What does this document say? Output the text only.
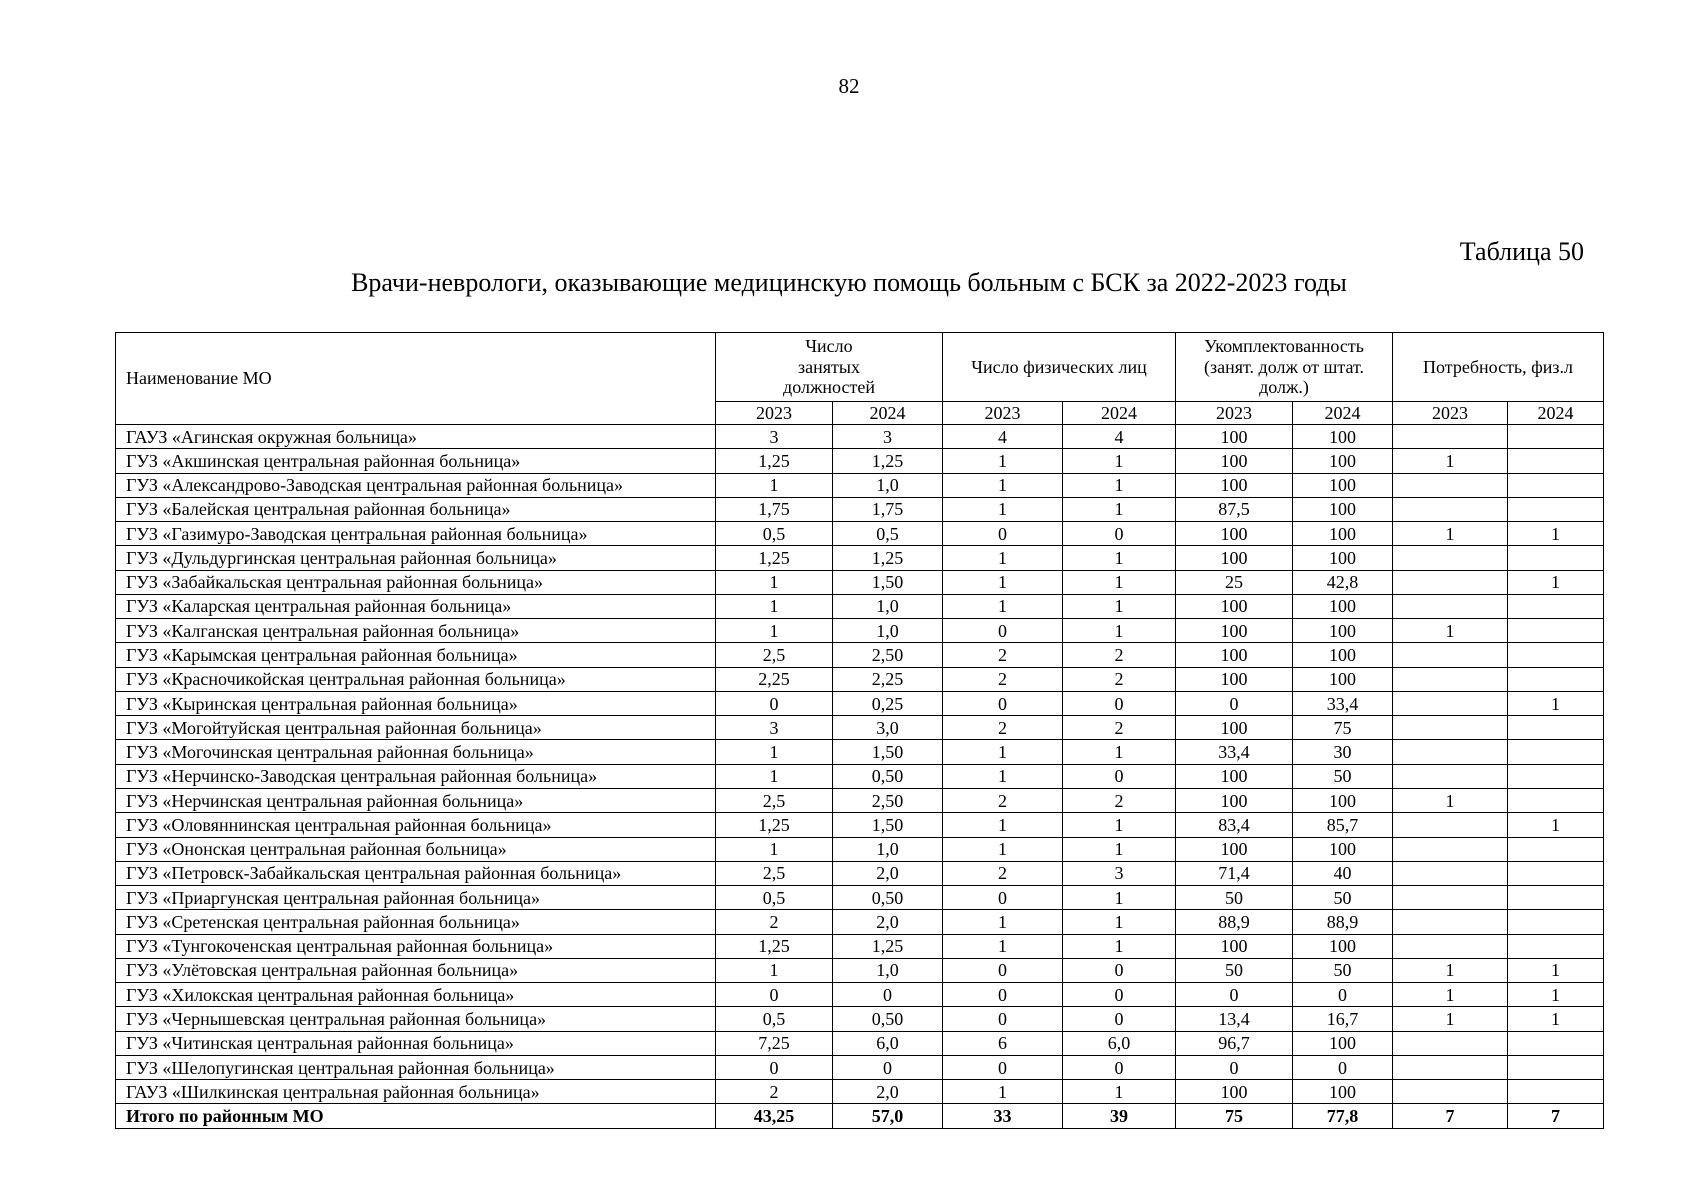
82
Таблица 50
Врачи-неврологи, оказывающие медицинскую помощь больным с БСК за 2022-2023 годы
Наименование МО	Число занятых должностей		Число физических лиц		Укомплектованность (занят. долж от штат. долж.)		Потребность, физ.л	
	2023	2024	2023	2024	2023	2024	2023	2024
ГАУЗ «Агинская окружная больница»	3	3	4	4	100	100		
ГУЗ «Акшинская центральная районная больница»	1,25	1,25	1	1	100	100	1	
ГУЗ «Александрово-Заводская центральная районная больница»	1	1,0	1	1	100	100		
ГУЗ «Балейская центральная районная больница»	1,75	1,75	1	1	87,5	100		
ГУЗ «Газимуро-Заводская центральная районная больница»	0,5	0,5	0	0	100	100	1	1
ГУЗ «Дульдургинская центральная районная больница»	1,25	1,25	1	1	100	100		
ГУЗ «Забайкальская центральная районная больница»	1	1,50	1	1	25	42,8		1
ГУЗ «Каларская центральная районная больница»	1	1,0	1	1	100	100		
ГУЗ «Калганская центральная районная больница»	1	1,0	0	1	100	100	1	
ГУЗ «Карымская центральная районная больница»	2,5	2,50	2	2	100	100		
ГУЗ «Красночикойская центральная районная больница»	2,25	2,25	2	2	100	100		
ГУЗ «Кыринская центральная районная больница»	0	0,25	0	0	0	33,4		1
ГУЗ «Могойтуйская центральная районная больница»	3	3,0	2	2	100	75		
ГУЗ «Могочинская центральная районная больница»	1	1,50	1	1	33,4	30		
ГУЗ «Нерчинско-Заводская центральная районная больница»	1	0,50	1	0	100	50		
ГУЗ «Нерчинская центральная районная больница»	2,5	2,50	2	2	100	100	1	
ГУЗ «Оловяннинская центральная районная больница»	1,25	1,50	1	1	83,4	85,7		1
ГУЗ «Ононская центральная районная больница»	1	1,0	1	1	100	100		
ГУЗ «Петровск-Забайкальская центральная районная больница»	2,5	2,0	2	3	71,4	40		
ГУЗ «Приаргунская центральная районная больница»	0,5	0,50	0	1	50	50		
ГУЗ «Сретенская центральная районная больница»	2	2,0	1	1	88,9	88,9		
ГУЗ «Тунгокоченская центральная районная больница»	1,25	1,25	1	1	100	100		
ГУЗ «Улётовская центральная районная больница»	1	1,0	0	0	50	50	1	1
ГУЗ «Хилокская центральная районная больница»	0	0	0	0	0	0	1	1
ГУЗ «Чернышевская центральная районная больница»	0,5	0,50	0	0	13,4	16,7	1	1
ГУЗ «Читинская центральная районная больница»	7,25	6,0	6	6,0	96,7	100		
ГУЗ «Шелопугинская центральная районная больница»	0	0	0	0	0	0		
ГАУЗ «Шилкинская центральная районная больница»	2	2,0	1	1	100	100		
Итого по районным МО	43,25	57,0	33	39	75	77,8	7	7
